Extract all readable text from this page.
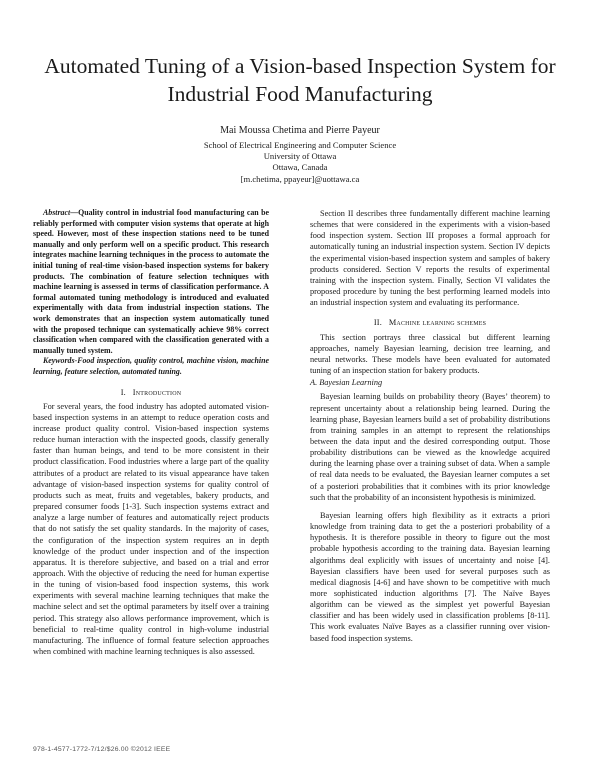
Automated Tuning of a Vision-based Inspection System for Industrial Food Manufacturing
Mai Moussa Chetima and Pierre Payeur
School of Electrical Engineering and Computer Science
University of Ottawa
Ottawa, Canada
[m.chetima, ppayeur]@uottawa.ca

Abstract—Quality control in industrial food manufacturing can be reliably performed with computer vision systems that operate at high speed. However, most of these inspection stations need to be tuned manually and only perform well on a specific product. This research integrates machine learning techniques in the process to automate the initial tuning of real-time vision-based inspection systems for bakery products. The combination of feature selection techniques with machine learning is assessed in terms of classification performance. A formal automated tuning methodology is introduced and evaluated experimentally with data from industrial inspection stations. The work demonstrates that an inspection system automatically tuned with the proposed technique can systematically achieve 98% correct classification when compared with the classification generated with a manually tuned system.

Keywords-Food inspection, quality control, machine vision, machine learning, feature selection, automated tuning.

I. Introduction

For several years, the food industry has adopted automated vision-based inspection systems in an attempt to reduce operation costs and increase product quality control. Vision-based inspection systems reduce human interaction with the inspected goods, classify generally faster than human beings, and tend to be more consistent in their product classification. Food industries where a large part of the quality attributes of a product are related to its visual appearance have taken advantage of vision-based inspection systems for quality control of products such as meat, fruits and vegetables, bakery products, and prepared consumer foods [1-3]. Such inspection systems extract and analyze a large number of features and automatically reject products that do not satisfy the set quality standards. In the majority of cases, the configuration of the inspection system requires an in depth knowledge of the product under inspection and of the inspection apparatus. It is therefore subjective, and based on a trial and error approach. With the objective of reducing the need for human expertise in the tuning of vision-based food inspection systems, this work experiments with several machine learning techniques that make the machine select and set the optimal parameters by itself over a training period. This strategy also allows performance improvement, which is beneficial to real-time quality control in high-volume industrial manufacturing. The influence of formal feature selection approaches when combined with machine learning techniques is also assessed.

Section II describes three fundamentally different machine learning schemes that were considered in the experiments with a vision-based food inspection system. Section III proposes a formal approach for automatically tuning an industrial inspection system. Section IV depicts the experimental vision-based inspection system and samples of bakery products considered. Section V reports the results of experimental training with the inspection system. Finally, Section VI validates the proposed procedure by tuning the best performing learned models into an industrial inspection system and evaluating its performance.

II. Machine learning schemes

This section portrays three classical but different learning approaches, namely Bayesian learning, decision tree learning, and neural networks. These models have been evaluated for automated tuning of an inspection station for bakery products.

A. Bayesian Learning

Bayesian learning builds on probability theory (Bayes’ theorem) to represent uncertainty about a relationship being learned. During the learning phase, Bayesian learners build a set of probability distributions from training samples in an attempt to represent the relationships between the data input and the desired corresponding output. Those probability distributions can be viewed as the knowledge acquired during the learning phase over a training subset of data. When a sample of real data needs to be evaluated, the Bayesian learner computes a set of a posteriori probabilities that it combines with its prior knowledge such that the probability of an inconsistent hypothesis is minimized.

Bayesian learning offers high flexibility as it extracts a priori knowledge from training data to get the a posteriori probability of a hypothesis. It is therefore possible in theory to figure out the most probable hypothesis according to the training data. Bayesian learning algorithms deal explicitly with issues of uncertainty and noise [4]. Bayesian classifiers have been used for several purposes such as medical diagnosis [4-6] and have shown to be competitive with much more sophisticated induction algorithms [7]. The Naïve Bayes algorithm can be viewed as the simplest yet powerful Bayesian classifier and has been widely used in classification problems [8-11]. This work evaluates Naïve Bayes as a classifier running over vision-based food inspection systems.

978-1-4577-1772-7/12/$26.00 ©2012 IEEE
